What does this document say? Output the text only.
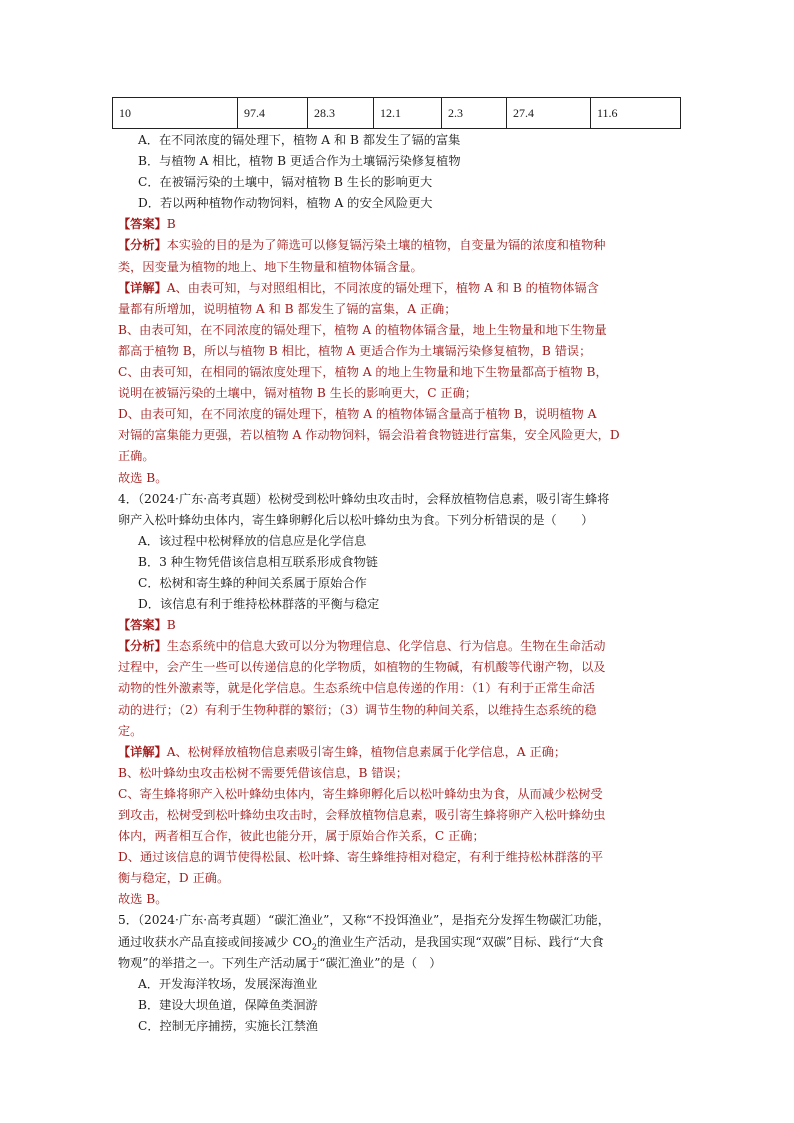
10	97.4	28.3	12.1	2.3	27.4	11.6
A．在不同浓度的镉处理下，植物 A 和 B 都发生了镉的富集
B．与植物 A 相比，植物 B 更适合作为土壤镉污染修复植物
C．在被镉污染的土壤中，镉对植物 B 生长的影响更大
D．若以两种植物作动物饲料，植物 A 的安全风险更大
【答案】B
【分析】本实验的目的是为了筛选可以修复镉污染土壤的植物，自变量为镉的浓度和植物种
类，因变量为植物的地上、地下生物量和植物体镉含量。
【详解】A、由表可知，与对照组相比，不同浓度的镉处理下，植物 A 和 B 的植物体镉含
量都有所增加，说明植物 A 和 B 都发生了镉的富集，A 正确；
B、由表可知，在不同浓度的镉处理下，植物 A 的植物体镉含量，地上生物量和地下生物量
都高于植物 B，所以与植物 B 相比，植物 A 更适合作为土壤镉污染修复植物，B 错误；
C、由表可知，在相同的镉浓度处理下，植物 A 的地上生物量和地下生物量都高于植物 B，
说明在被镉污染的土壤中，镉对植物 B 生长的影响更大，C 正确；
D、由表可知，在不同浓度的镉处理下，植物 A 的植物体镉含量高于植物 B，说明植物 A
对镉的富集能力更强，若以植物 A 作动物饲料，镉会沿着食物链进行富集，安全风险更大，D
正确。
故选 B。
4．（2024·广东·高考真题）松树受到松叶蜂幼虫攻击时，会释放植物信息素，吸引寄生蜂将
卵产入松叶蜂幼虫体内，寄生蜂卵孵化后以松叶蜂幼虫为食。下列分析错误的是（　　）
A．该过程中松树释放的信息应是化学信息
B．3 种生物凭借该信息相互联系形成食物链
C．松树和寄生蜂的种间关系属于原始合作
D．该信息有利于维持松林群落的平衡与稳定
【答案】B
【分析】生态系统中的信息大致可以分为物理信息、化学信息、行为信息。生物在生命活动
过程中，会产生一些可以传递信息的化学物质，如植物的生物碱，有机酸等代谢产物，以及
动物的性外激素等，就是化学信息。生态系统中信息传递的作用：（1）有利于正常生命活
动的进行；（2）有利于生物种群的繁衍；（3）调节生物的种间关系，以维持生态系统的稳
定。
【详解】A、松树释放植物信息素吸引寄生蜂，植物信息素属于化学信息，A 正确；
B、松叶蜂幼虫攻击松树不需要凭借该信息，B 错误；
C、寄生蜂将卵产入松叶蜂幼虫体内，寄生蜂卵孵化后以松叶蜂幼虫为食，从而减少松树受
到攻击，松树受到松叶蜂幼虫攻击时，会释放植物信息素，吸引寄生蜂将卵产入松叶蜂幼虫
体内，两者相互合作，彼此也能分开，属于原始合作关系，C 正确；
D、通过该信息的调节使得松鼠、松叶蜂、寄生蜂维持相对稳定，有利于维持松林群落的平
衡与稳定，D 正确。
故选 B。
5．（2024·广东·高考真题）“碳汇渔业”，又称“不投饵渔业”，是指充分发挥生物碳汇功能，
通过收获水产品直接或间接减少 $CO_2$的渔业生产活动，是我国实现“双碳”目标、践行“大食
物观”的举措之一。下列生产活动属于“碳汇渔业”的是（　）
A．开发海洋牧场，发展深海渔业
B．建设大坝鱼道，保障鱼类洄游
C．控制无序捕捞，实施长江禁渔
